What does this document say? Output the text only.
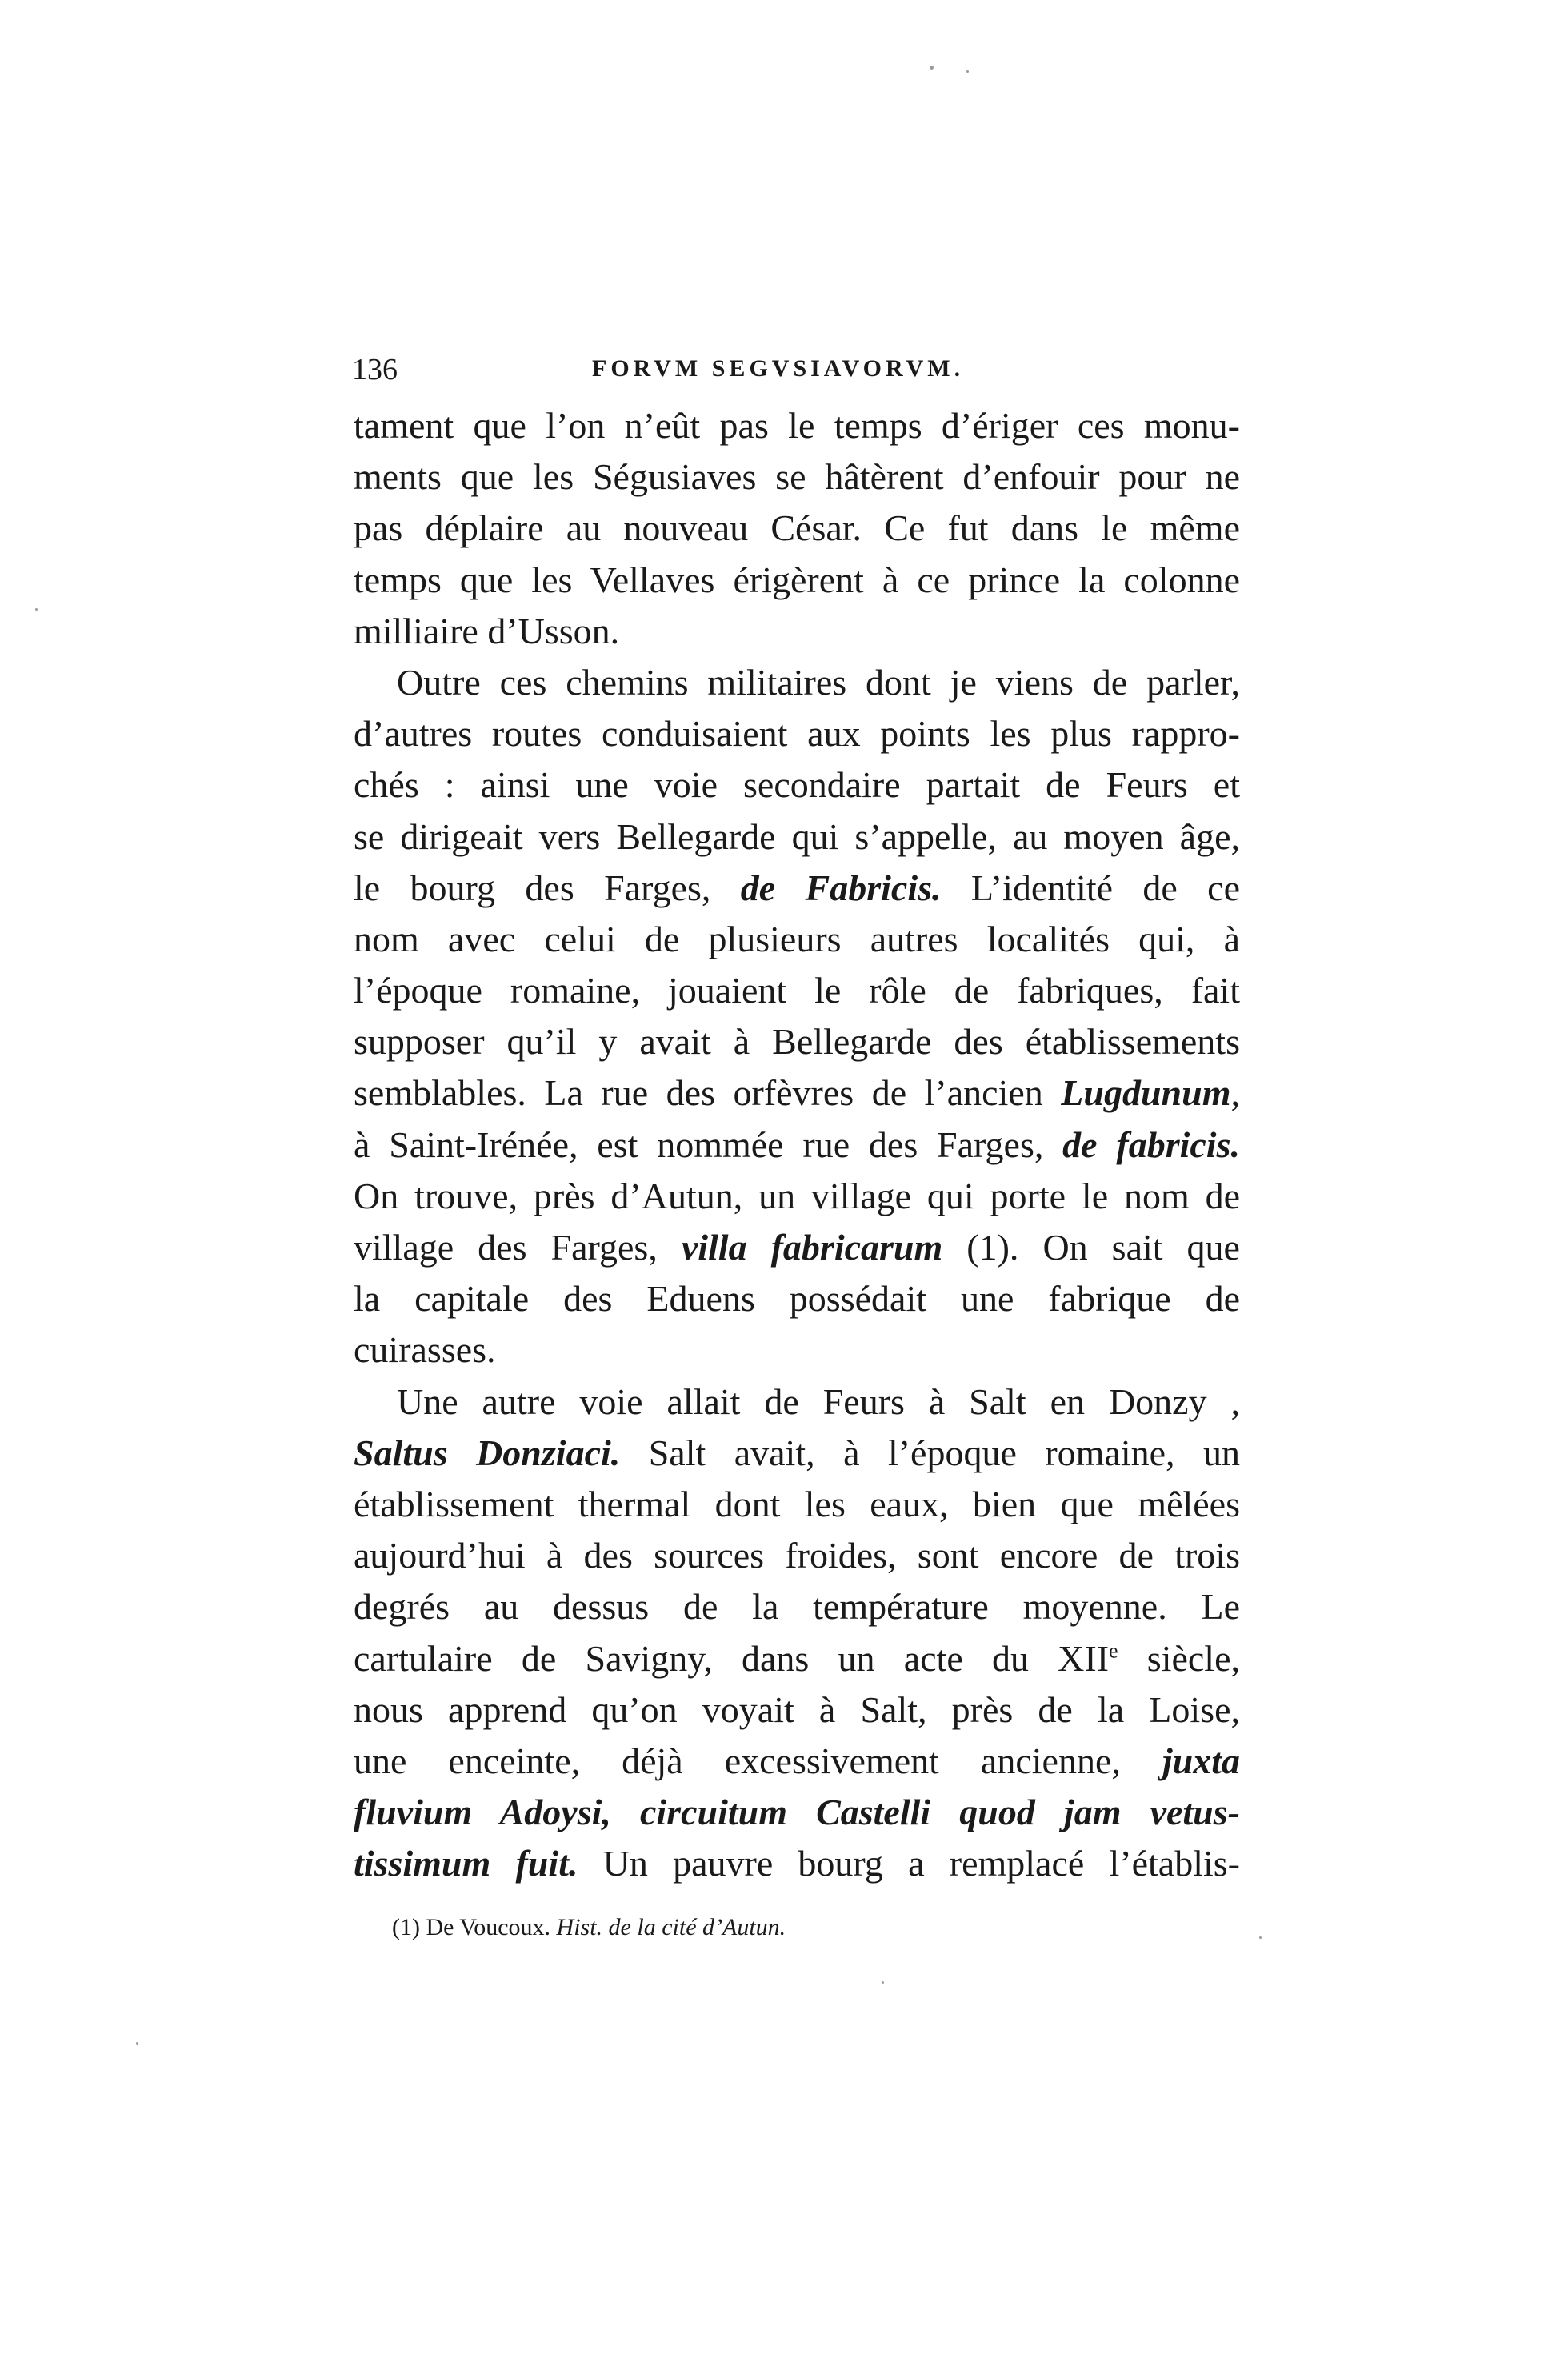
136	FORVM SEGVSIAVORVM.
tament que l’on n’eût pas le temps d’ériger ces monu-
ments que les Ségusiaves se hâtèrent d’enfouir pour ne
pas déplaire au nouveau César. Ce fut dans le même
temps que les Vellaves érigèrent à ce prince la colonne
milliaire d’Usson.
Outre ces chemins militaires dont je viens de parler,
d’autres routes conduisaient aux points les plus rappro-
chés : ainsi une voie secondaire partait de Feurs et
se dirigeait vers Bellegarde qui s’appelle, au moyen âge,
le bourg des Farges, de Fabricis. L’identité de ce
nom avec celui de plusieurs autres localités qui, à
l’époque romaine, jouaient le rôle de fabriques, fait
supposer qu’il y avait à Bellegarde des établissements
semblables. La rue des orfèvres de l’ancien Lugdunum,
à Saint-Irénée, est nommée rue des Farges, de fabricis.
On trouve, près d’Autun, un village qui porte le nom de
village des Farges, villa fabricarum (1). On sait que
la capitale des Eduens possédait une fabrique de
cuirasses.
Une autre voie allait de Feurs à Salt en Donzy ,
Saltus Donziaci. Salt avait, à l’époque romaine, un
établissement thermal dont les eaux, bien que mêlées
aujourd’hui à des sources froides, sont encore de trois
degrés au dessus de la température moyenne. Le
cartulaire de Savigny, dans un acte du XIIe siècle,
nous apprend qu’on voyait à Salt, près de la Loise,
une enceinte, déjà excessivement ancienne, juxta
fluvium Adoysi, circuitum Castelli quod jam vetus-
tissimum fuit. Un pauvre bourg a remplacé l’établis-
(1) De Voucoux. Hist. de la cité d’Autun.
